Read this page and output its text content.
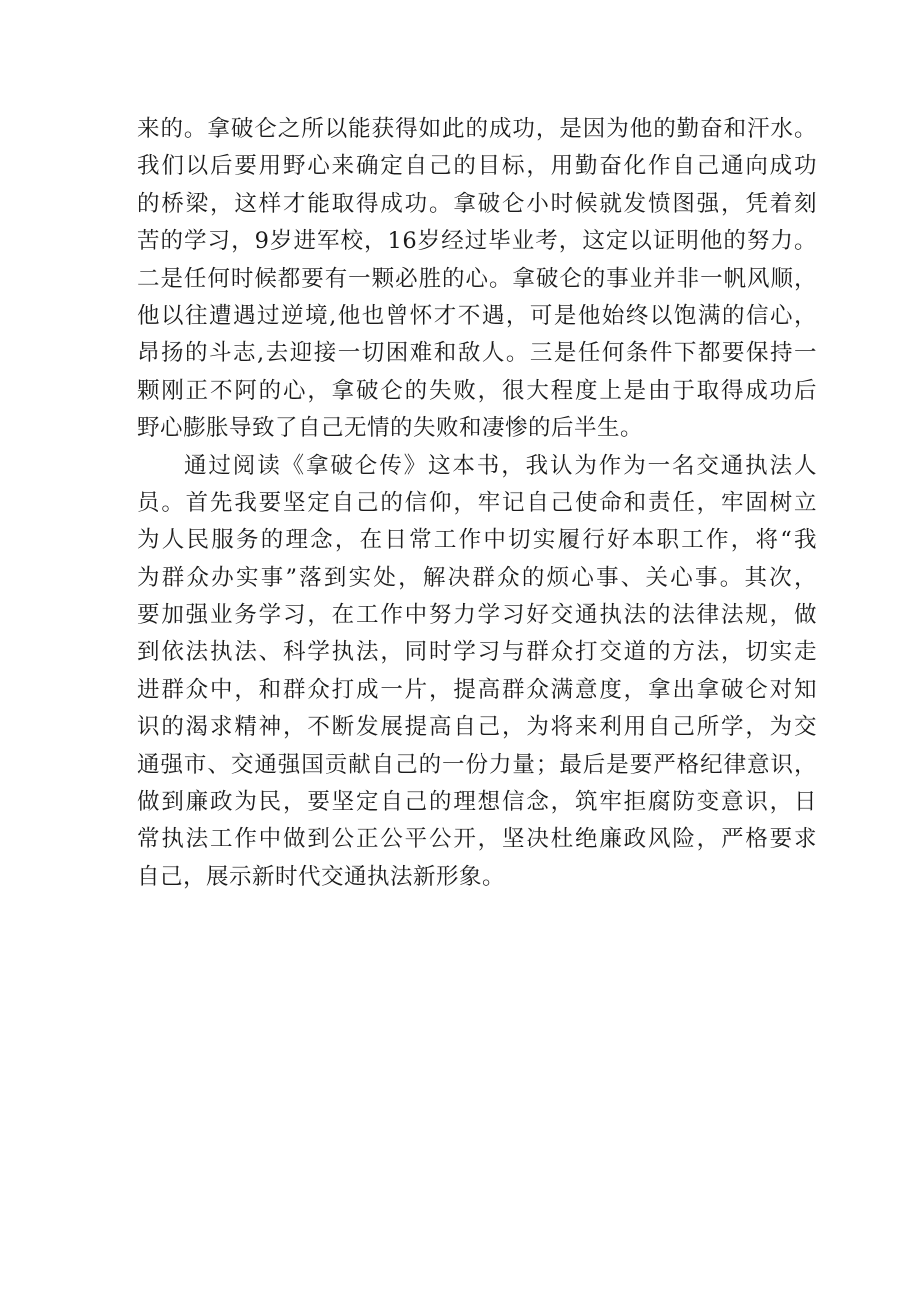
来的。拿破仑之所以能获得如此的成功，是因为他的勤奋和汗水。
我们以后要用野心来确定自己的目标，用勤奋化作自己通向成功
的桥梁，这样才能取得成功。拿破仑小时候就发愤图强，凭着刻
苦的学习，9岁进军校，16岁经过毕业考，这定以证明他的努力。
二是任何时候都要有一颗必胜的心。拿破仑的事业并非一帆风顺，
他以往遭遇过逆境,他也曾怀才不遇，可是他始终以饱满的信心，
昂扬的斗志,去迎接一切困难和敌人。三是任何条件下都要保持一
颗刚正不阿的心，拿破仑的失败，很大程度上是由于取得成功后
野心膨胀导致了自己无情的失败和凄惨的后半生。
通过阅读《拿破仑传》这本书，我认为作为一名交通执法人
员。首先我要坚定自己的信仰，牢记自己使命和责任，牢固树立
为人民服务的理念，在日常工作中切实履行好本职工作，将“我
为群众办实事”落到实处，解决群众的烦心事、关心事。其次，
要加强业务学习，在工作中努力学习好交通执法的法律法规，做
到依法执法、科学执法，同时学习与群众打交道的方法，切实走
进群众中，和群众打成一片，提高群众满意度，拿出拿破仑对知
识的渴求精神，不断发展提高自己，为将来利用自己所学，为交
通强市、交通强国贡献自己的一份力量；最后是要严格纪律意识，
做到廉政为民，要坚定自己的理想信念，筑牢拒腐防变意识，日
常执法工作中做到公正公平公开，坚决杜绝廉政风险，严格要求
自己，展示新时代交通执法新形象。
